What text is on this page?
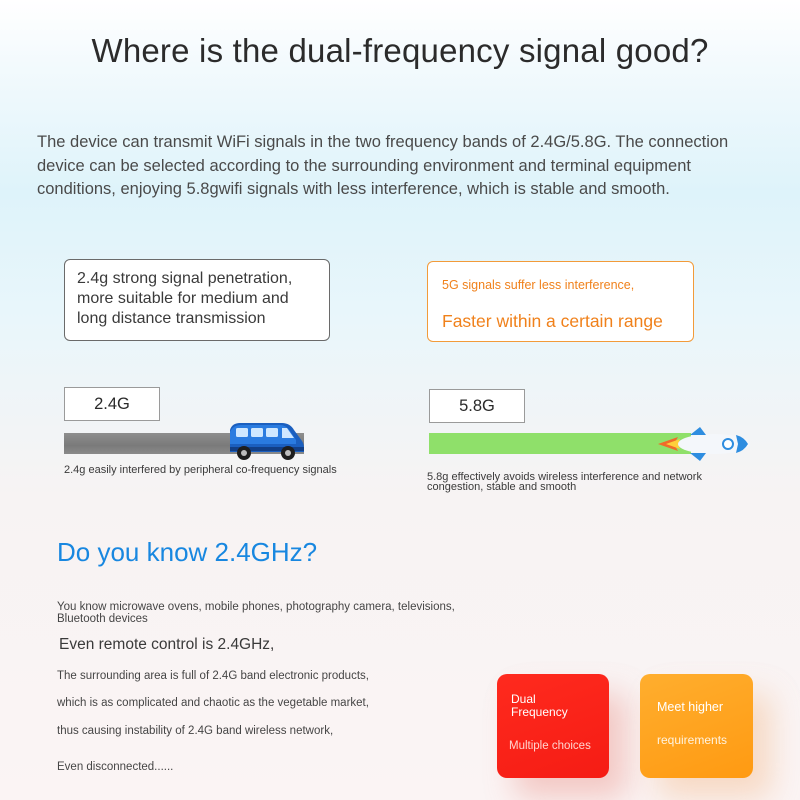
Where is the dual-frequency signal good?
The device can transmit WiFi signals in the two frequency bands of 2.4G/5.8G. The connection
device can be selected according to the surrounding environment and terminal equipment
conditions, enjoying 5.8gwifi signals with less interference, which is stable and smooth.
2.4g strong signal penetration,
more suitable for medium and
long distance transmission
5G signals suffer less interference,
Faster within a certain range
2.4G	5.8G
2.4g easily interfered by peripheral co-frequency signals
5.8g effectively avoids wireless interference and network
congestion, stable and smooth
Do you know 2.4GHz?
You know microwave ovens, mobile phones, photography camera, televisions,
Bluetooth devices
Even remote control is 2.4GHz,
The surrounding area is full of 2.4G band electronic products,
which is as complicated and chaotic as the vegetable market,
thus causing instability of 2.4G band wireless network,
Even disconnected......
Dual
Frequency
Multiple choices
Meet higher
requirements
